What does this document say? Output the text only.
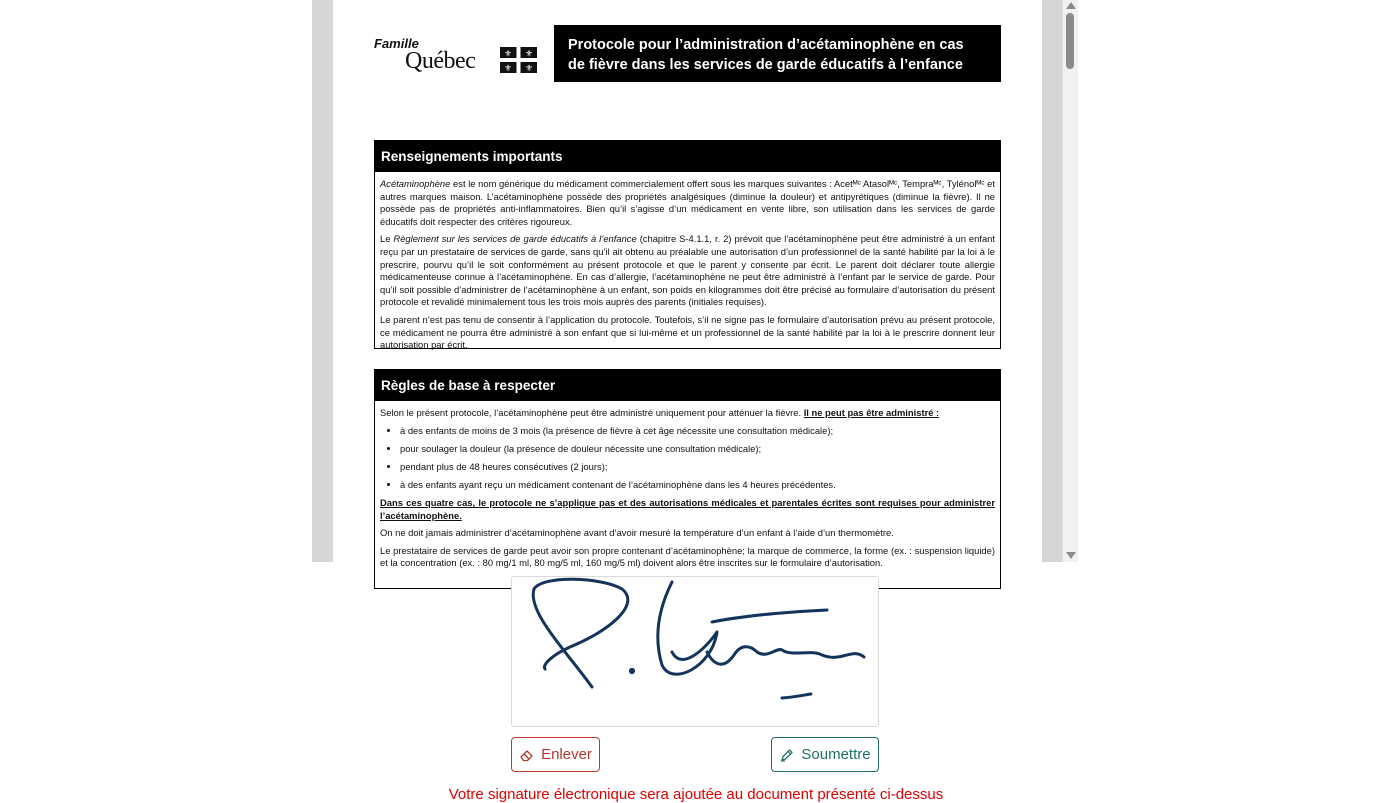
Famille
Québec	⚜ ⚜
⚜ ⚜
Protocole pour l’administration d’acétaminophène en cas
de fièvre dans les services de garde éducatifs à l’enfance
Renseignements importants

Acétaminophène est le nom générique du médicament commercialement offert sous les marques suivantes : Acetᴹᶜ Atasolᴹᶜ, Tempraᴹᶜ, Tylénolᴹᶜ et autres marques maison. L’acétaminophène possède des propriétés analgésiques (diminue la douleur) et antipyrétiques (diminue la fièvre). Il ne possède pas de propriétés anti-inflammatoires. Bien qu’il s’agisse d’un médicament en vente libre, son utilisation dans les services de garde éducatifs doit respecter des critères rigoureux.

Le Règlement sur les services de garde éducatifs à l’enfance (chapitre S-4.1.1, r. 2) prévoit que l’acétaminophène peut être administré à un enfant reçu par un prestataire de services de garde, sans qu’il ait obtenu au préalable une autorisation d’un professionnel de la santé habilité par la loi à le prescrire, pourvu qu’il le soit conformément au présent protocole et que le parent y consente par écrit. Le parent doit déclarer toute allergie médicamenteuse connue à l’acétaminophène. En cas d’allergie, l’acétaminophène ne peut être administré à l’enfant par le service de garde. Pour qu’il soit possible d’administrer de l’acétaminophène à un enfant, son poids en kilogrammes doit être précisé au formulaire d’autorisation du présent protocole et revalidé minimalement tous les trois mois auprès des parents (initiales requises).

Le parent n’est pas tenu de consentir à l’application du protocole. Toutefois, s’il ne signe pas le formulaire d’autorisation prévu au présent protocole, ce médicament ne pourra être administré à son enfant que si lui-même et un professionnel de la santé habilité par la loi à le prescrire donnent leur autorisation par écrit.

Règles de base à respecter

Selon le présent protocole, l’acétaminophène peut être administré uniquement pour atténuer la fièvre. Il ne peut pas être administré :

• à des enfants de moins de 3 mois (la présence de fièvre à cet âge nécessite une consultation médicale);
• pour soulager la douleur (la présence de douleur nécessite une consultation médicale);
• pendant plus de 48 heures consécutives (2 jours);
• à des enfants ayant reçu un médicament contenant de l’acétaminophène dans les 4 heures précédentes.

Dans ces quatre cas, le protocole ne s’applique pas et des autorisations médicales et parentales écrites sont requises pour administrer l’acétaminophène.

On ne doit jamais administrer d’acétaminophène avant d’avoir mesuré la température d’un enfant à l’aide d’un thermomètre.

Le prestataire de services de garde peut avoir son propre contenant d’acétaminophène; la marque de commerce, la forme (ex. : suspension liquide) et la concentration (ex. : 80 mg/1 ml, 80 mg/5 ml, 160 mg/5 ml) doivent alors être inscrites sur le formulaire d’autorisation.

Enlever	Soumettre
Votre signature électronique sera ajoutée au document présenté ci-dessus
